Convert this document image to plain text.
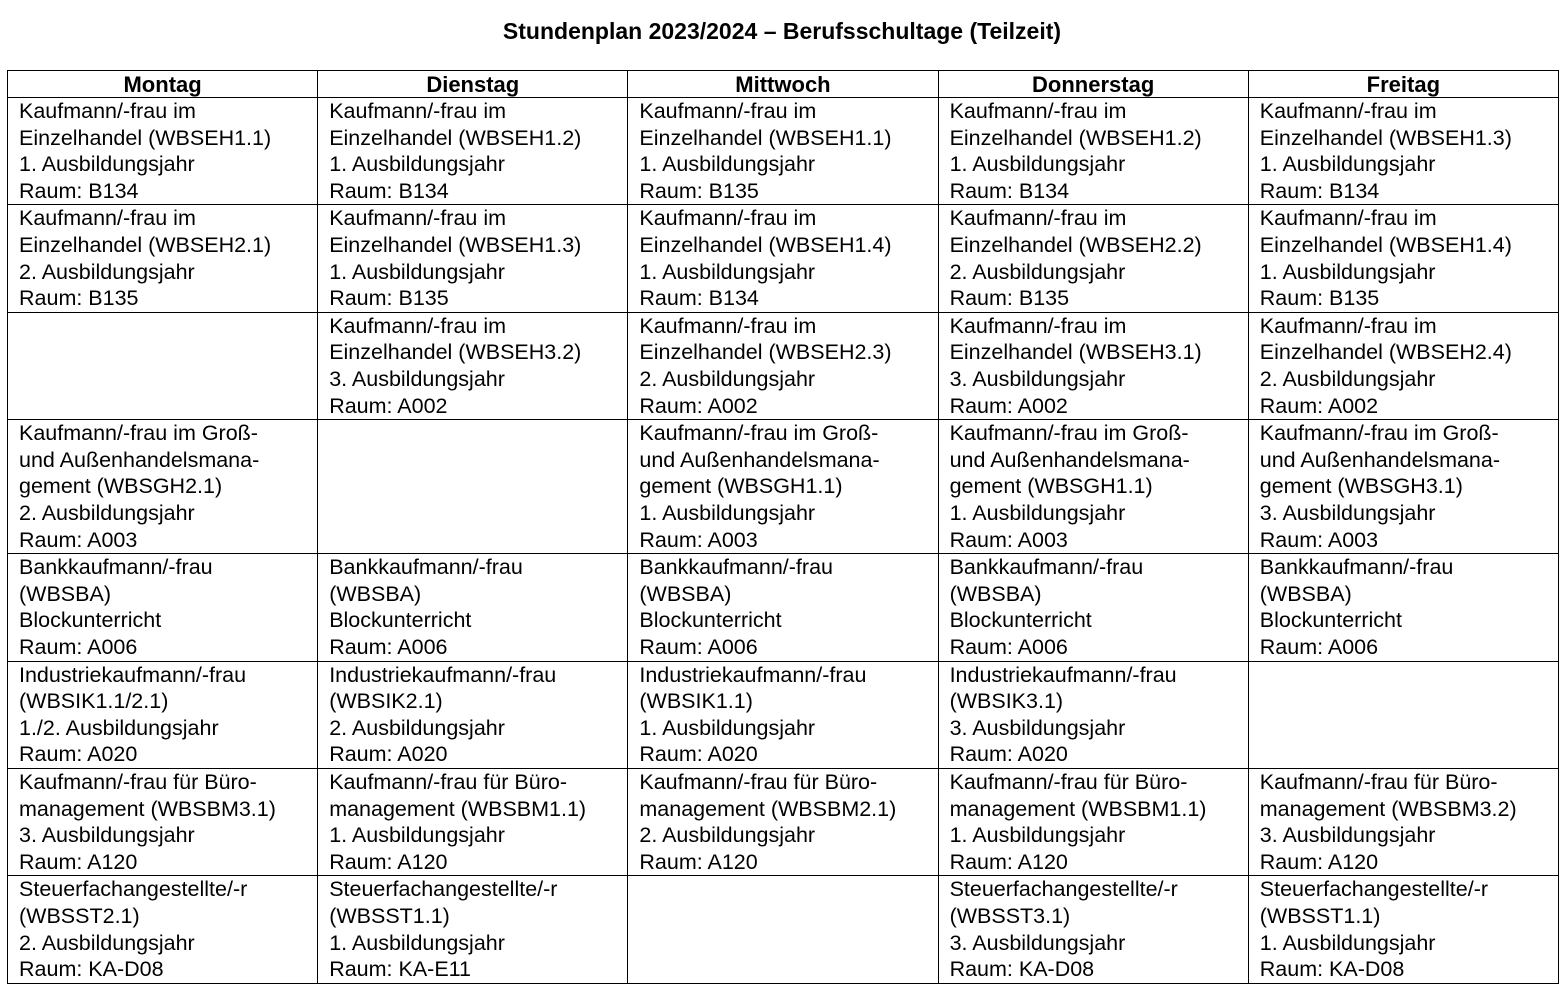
Stundenplan 2023/2024 – Berufsschultage (Teilzeit)
Montag	Dienstag	Mittwoch	Donnerstag	Freitag

Kaufmann/-frau im
Einzelhandel (WBSEH1.1)
1. Ausbildungsjahr
Raum: B134	Kaufmann/-frau im
Einzelhandel (WBSEH1.2)
1. Ausbildungsjahr
Raum: B134	Kaufmann/-frau im
Einzelhandel (WBSEH1.1)
1. Ausbildungsjahr
Raum: B135	Kaufmann/-frau im
Einzelhandel (WBSEH1.2)
1. Ausbildungsjahr
Raum: B134	Kaufmann/-frau im
Einzelhandel (WBSEH1.3)
1. Ausbildungsjahr
Raum: B134

Kaufmann/-frau im
Einzelhandel (WBSEH2.1)
2. Ausbildungsjahr
Raum: B135	Kaufmann/-frau im
Einzelhandel (WBSEH1.3)
1. Ausbildungsjahr
Raum: B135	Kaufmann/-frau im
Einzelhandel (WBSEH1.4)
1. Ausbildungsjahr
Raum: B134	Kaufmann/-frau im
Einzelhandel (WBSEH2.2)
2. Ausbildungsjahr
Raum: B135	Kaufmann/-frau im
Einzelhandel (WBSEH1.4)
1. Ausbildungsjahr
Raum: B135

	Kaufmann/-frau im
Einzelhandel (WBSEH3.2)
3. Ausbildungsjahr
Raum: A002	Kaufmann/-frau im
Einzelhandel (WBSEH2.3)
2. Ausbildungsjahr
Raum: A002	Kaufmann/-frau im
Einzelhandel (WBSEH3.1)
3. Ausbildungsjahr
Raum: A002	Kaufmann/-frau im
Einzelhandel (WBSEH2.4)
2. Ausbildungsjahr
Raum: A002

Kaufmann/-frau im Groß-
und Außenhandelsmana-
gement (WBSGH2.1)
2. Ausbildungsjahr
Raum: A003		Kaufmann/-frau im Groß-
und Außenhandelsmana-
gement (WBSGH1.1)
1. Ausbildungsjahr
Raum: A003	Kaufmann/-frau im Groß-
und Außenhandelsmana-
gement (WBSGH1.1)
1. Ausbildungsjahr
Raum: A003	Kaufmann/-frau im Groß-
und Außenhandelsmana-
gement (WBSGH3.1)
3. Ausbildungsjahr
Raum: A003

Bankkaufmann/-frau
(WBSBA)
Blockunterricht
Raum: A006	Bankkaufmann/-frau
(WBSBA)
Blockunterricht
Raum: A006	Bankkaufmann/-frau
(WBSBA)
Blockunterricht
Raum: A006	Bankkaufmann/-frau
(WBSBA)
Blockunterricht
Raum: A006	Bankkaufmann/-frau
(WBSBA)
Blockunterricht
Raum: A006

Industriekaufmann/-frau
(WBSIK1.1/2.1)
1./2. Ausbildungsjahr
Raum: A020	Industriekaufmann/-frau
(WBSIK2.1)
2. Ausbildungsjahr
Raum: A020	Industriekaufmann/-frau
(WBSIK1.1)
1. Ausbildungsjahr
Raum: A020	Industriekaufmann/-frau
(WBSIK3.1)
3. Ausbildungsjahr
Raum: A020	

Kaufmann/-frau für Büro-
management (WBSBM3.1)
3. Ausbildungsjahr
Raum: A120	Kaufmann/-frau für Büro-
management (WBSBM1.1)
1. Ausbildungsjahr
Raum: A120	Kaufmann/-frau für Büro-
management (WBSBM2.1)
2. Ausbildungsjahr
Raum: A120	Kaufmann/-frau für Büro-
management (WBSBM1.1)
1. Ausbildungsjahr
Raum: A120	Kaufmann/-frau für Büro-
management (WBSBM3.2)
3. Ausbildungsjahr
Raum: A120

Steuerfachangestellte/-r
(WBSST2.1)
2. Ausbildungsjahr
Raum: KA-D08	Steuerfachangestellte/-r
(WBSST1.1)
1. Ausbildungsjahr
Raum: KA-E11		Steuerfachangestellte/-r
(WBSST3.1)
3. Ausbildungsjahr
Raum: KA-D08	Steuerfachangestellte/-r
(WBSST1.1)
1. Ausbildungsjahr
Raum: KA-D08
